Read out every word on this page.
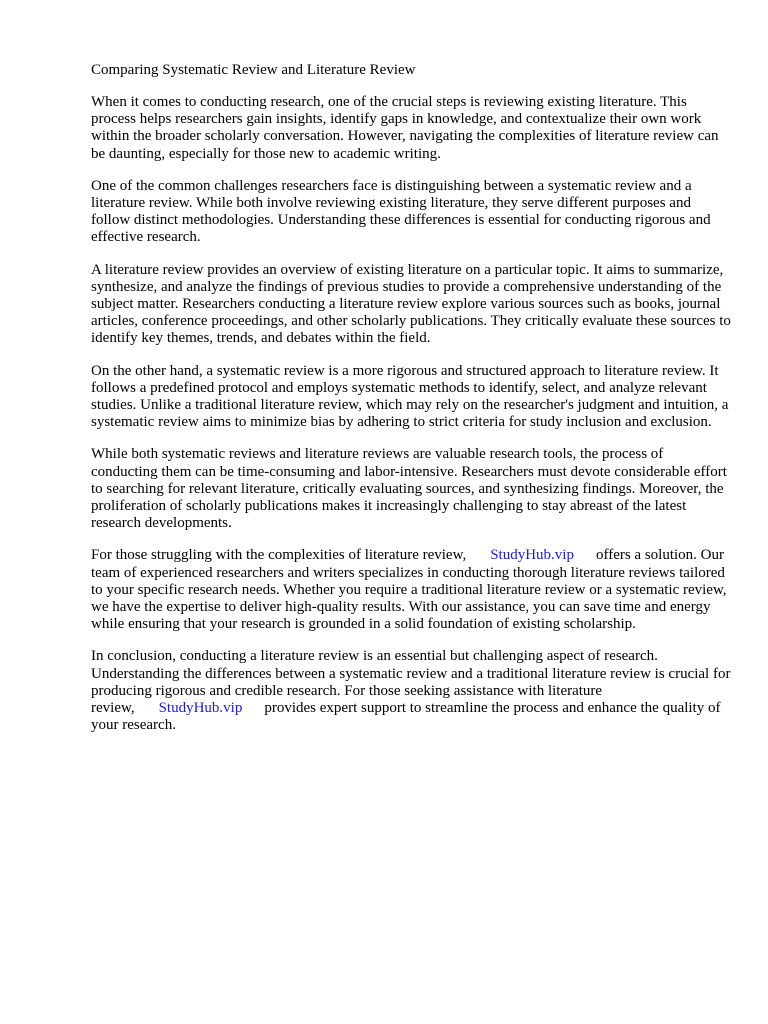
Comparing Systematic Review and Literature Review

When it comes to conducting research, one of the crucial steps is reviewing existing literature. This process helps researchers gain insights, identify gaps in knowledge, and contextualize their own work within the broader scholarly conversation. However, navigating the complexities of literature review can be daunting, especially for those new to academic writing.

One of the common challenges researchers face is distinguishing between a systematic review and a literature review. While both involve reviewing existing literature, they serve different purposes and follow distinct methodologies. Understanding these differences is essential for conducting rigorous and effective research.

A literature review provides an overview of existing literature on a particular topic. It aims to summarize, synthesize, and analyze the findings of previous studies to provide a comprehensive understanding of the subject matter. Researchers conducting a literature review explore various sources such as books, journal articles, conference proceedings, and other scholarly publications. They critically evaluate these sources to identify key themes, trends, and debates within the field.

On the other hand, a systematic review is a more rigorous and structured approach to literature review. It follows a predefined protocol and employs systematic methods to identify, select, and analyze relevant studies. Unlike a traditional literature review, which may rely on the researcher's judgment and intuition, a systematic review aims to minimize bias by adhering to strict criteria for study inclusion and exclusion.

While both systematic reviews and literature reviews are valuable research tools, the process of conducting them can be time-consuming and labor-intensive. Researchers must devote considerable effort to searching for relevant literature, critically evaluating sources, and synthesizing findings. Moreover, the proliferation of scholarly publications makes it increasingly challenging to stay abreast of the latest research developments.

For those struggling with the complexities of literature review, StudyHub.vip offers a solution. Our team of experienced researchers and writers specializes in conducting thorough literature reviews tailored to your specific research needs. Whether you require a traditional literature review or a systematic review, we have the expertise to deliver high-quality results. With our assistance, you can save time and energy while ensuring that your research is grounded in a solid foundation of existing scholarship.

In conclusion, conducting a literature review is an essential but challenging aspect of research. Understanding the differences between a systematic review and a traditional literature review is crucial for producing rigorous and credible research. For those seeking assistance with literature review, StudyHub.vip provides expert support to streamline the process and enhance the quality of your research.
